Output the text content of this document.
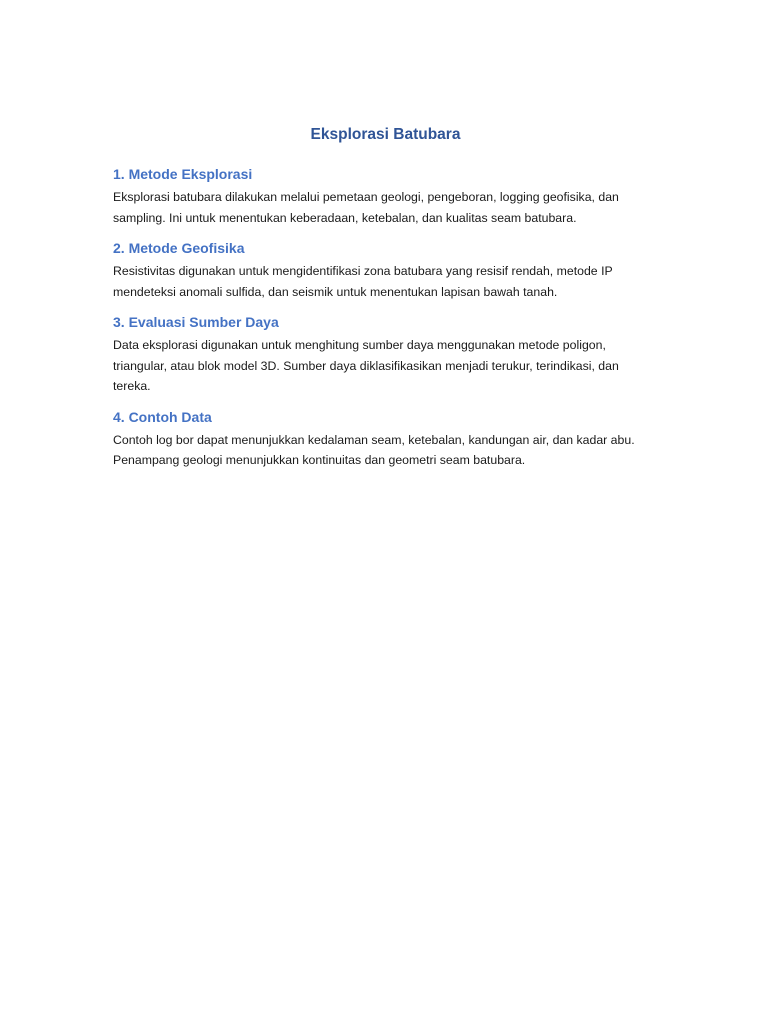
Eksplorasi Batubara
1. Metode Eksplorasi

Eksplorasi batubara dilakukan melalui pemetaan geologi, pengeboran, logging geofisika, dan sampling. Ini untuk menentukan keberadaan, ketebalan, dan kualitas seam batubara.

2. Metode Geofisika

Resistivitas digunakan untuk mengidentifikasi zona batubara yang resisif rendah, metode IP mendeteksi anomali sulfida, dan seismik untuk menentukan lapisan bawah tanah.

3. Evaluasi Sumber Daya

Data eksplorasi digunakan untuk menghitung sumber daya menggunakan metode poligon, triangular, atau blok model 3D. Sumber daya diklasifikasikan menjadi terukur, terindikasi, dan tereka.

4. Contoh Data

Contoh log bor dapat menunjukkan kedalaman seam, ketebalan, kandungan air, dan kadar abu. Penampang geologi menunjukkan kontinuitas dan geometri seam batubara.
